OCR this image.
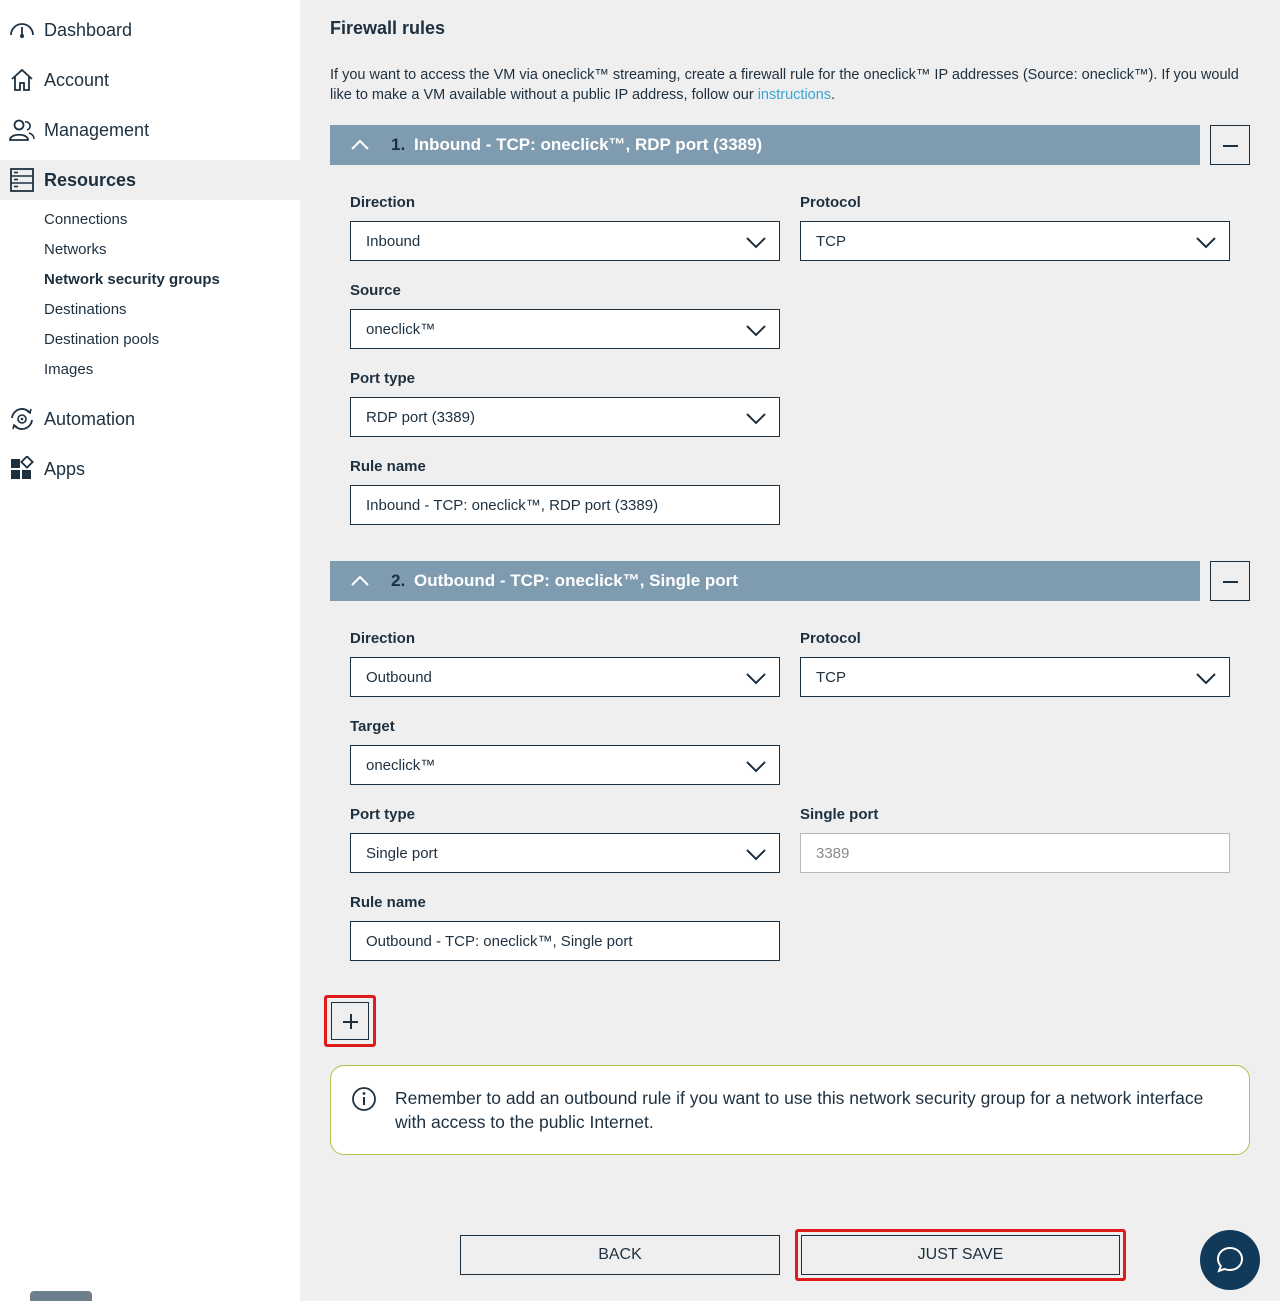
Dashboard
Account
Management
Resources
Connections
Networks
Network security groups
Destinations
Destination pools
Images
Automation
Apps
Firewall rules

If you want to access the VM via oneclick™ streaming, create a firewall rule for the oneclick™ IP addresses (Source: oneclick™). If you would like to make a VM available without a public IP address, follow our instructions.

1. Inbound - TCP: oneclick™, RDP port (3389)
Direction
Inbound
Protocol
TCP
Source
oneclick™
Port type
RDP port (3389)
Rule name
Inbound - TCP: oneclick™, RDP port (3389)
2. Outbound - TCP: oneclick™, Single port
Direction
Outbound
Protocol
TCP
Target
oneclick™
Port type
Single port
Single port
3389
Rule name
Outbound - TCP: oneclick™, Single port
Remember to add an outbound rule if you want to use this network security group for a network interface with access to the public Internet.
BACK	JUST SAVE
